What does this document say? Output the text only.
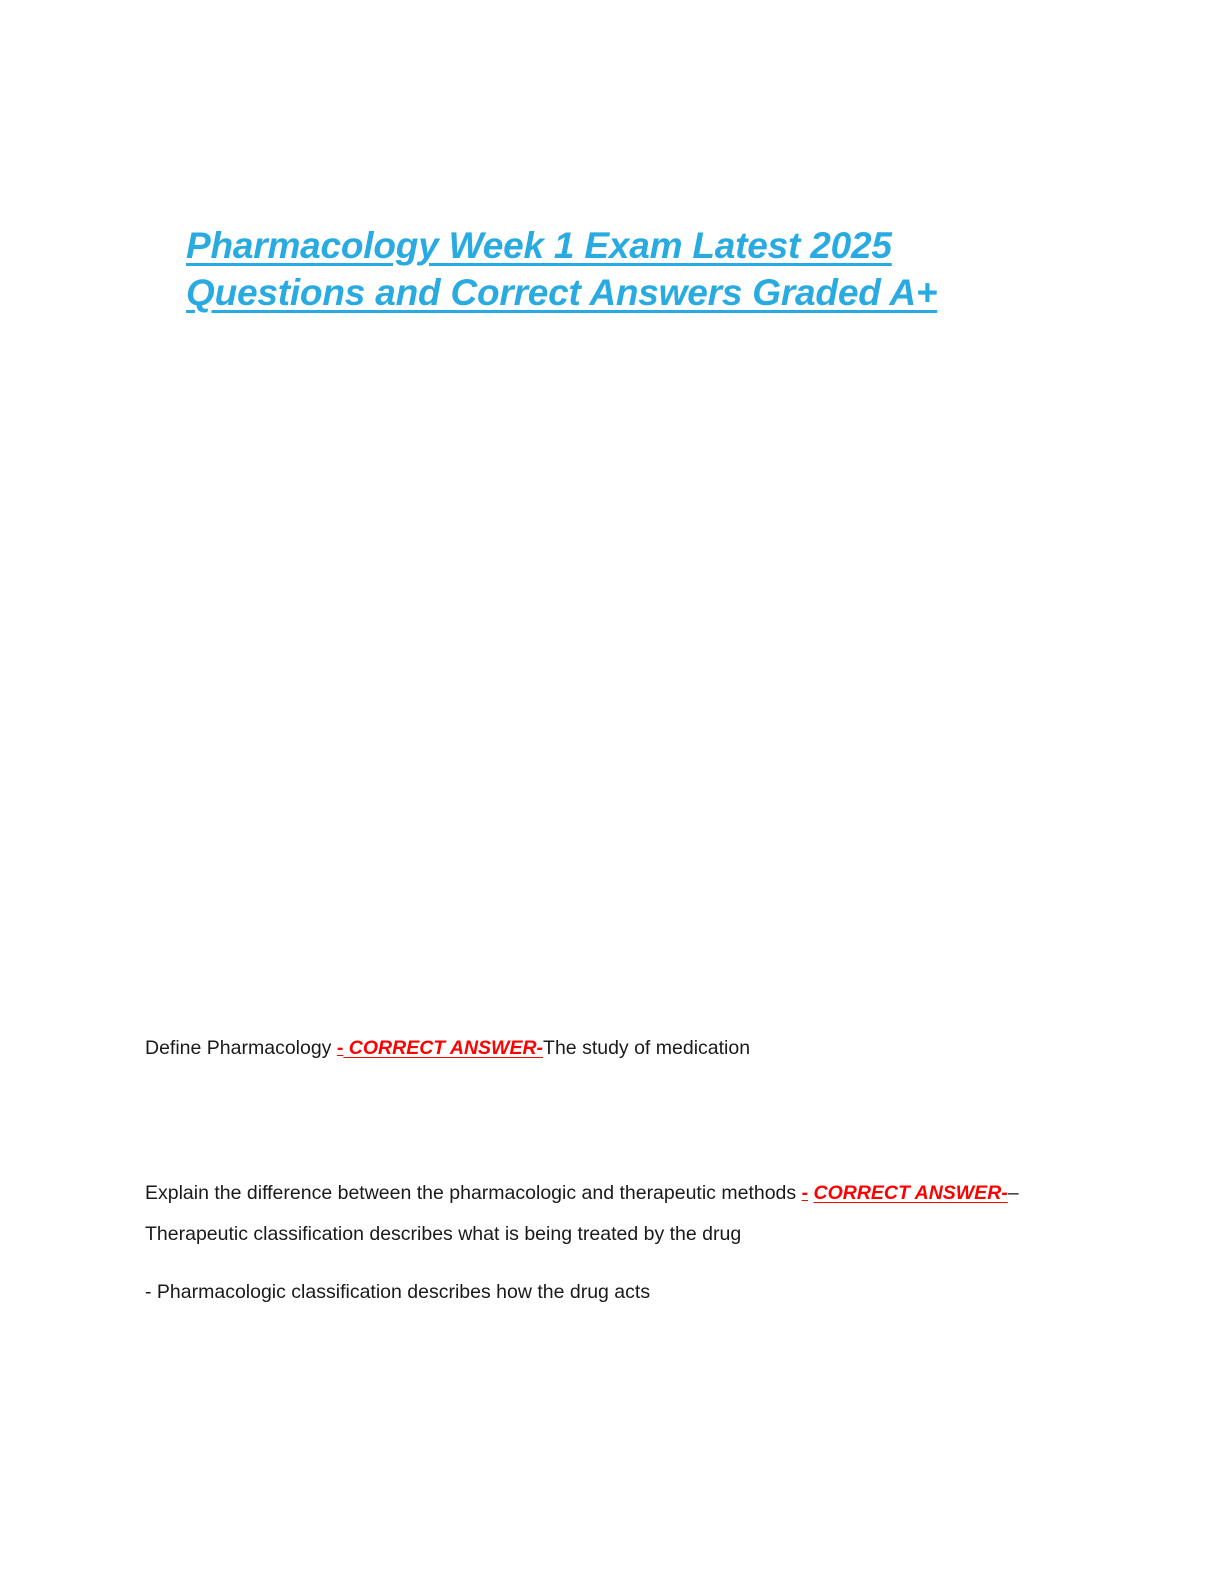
Pharmacology Week 1 Exam Latest 2025
Questions and Correct Answers Graded A+

Define Pharmacology - CORRECT ANSWER-The study of medication

Explain the difference between the pharmacologic and therapeutic methods - CORRECT ANSWER-– Therapeutic classification describes what is being treated by the drug

- Pharmacologic classification describes how the drug acts
